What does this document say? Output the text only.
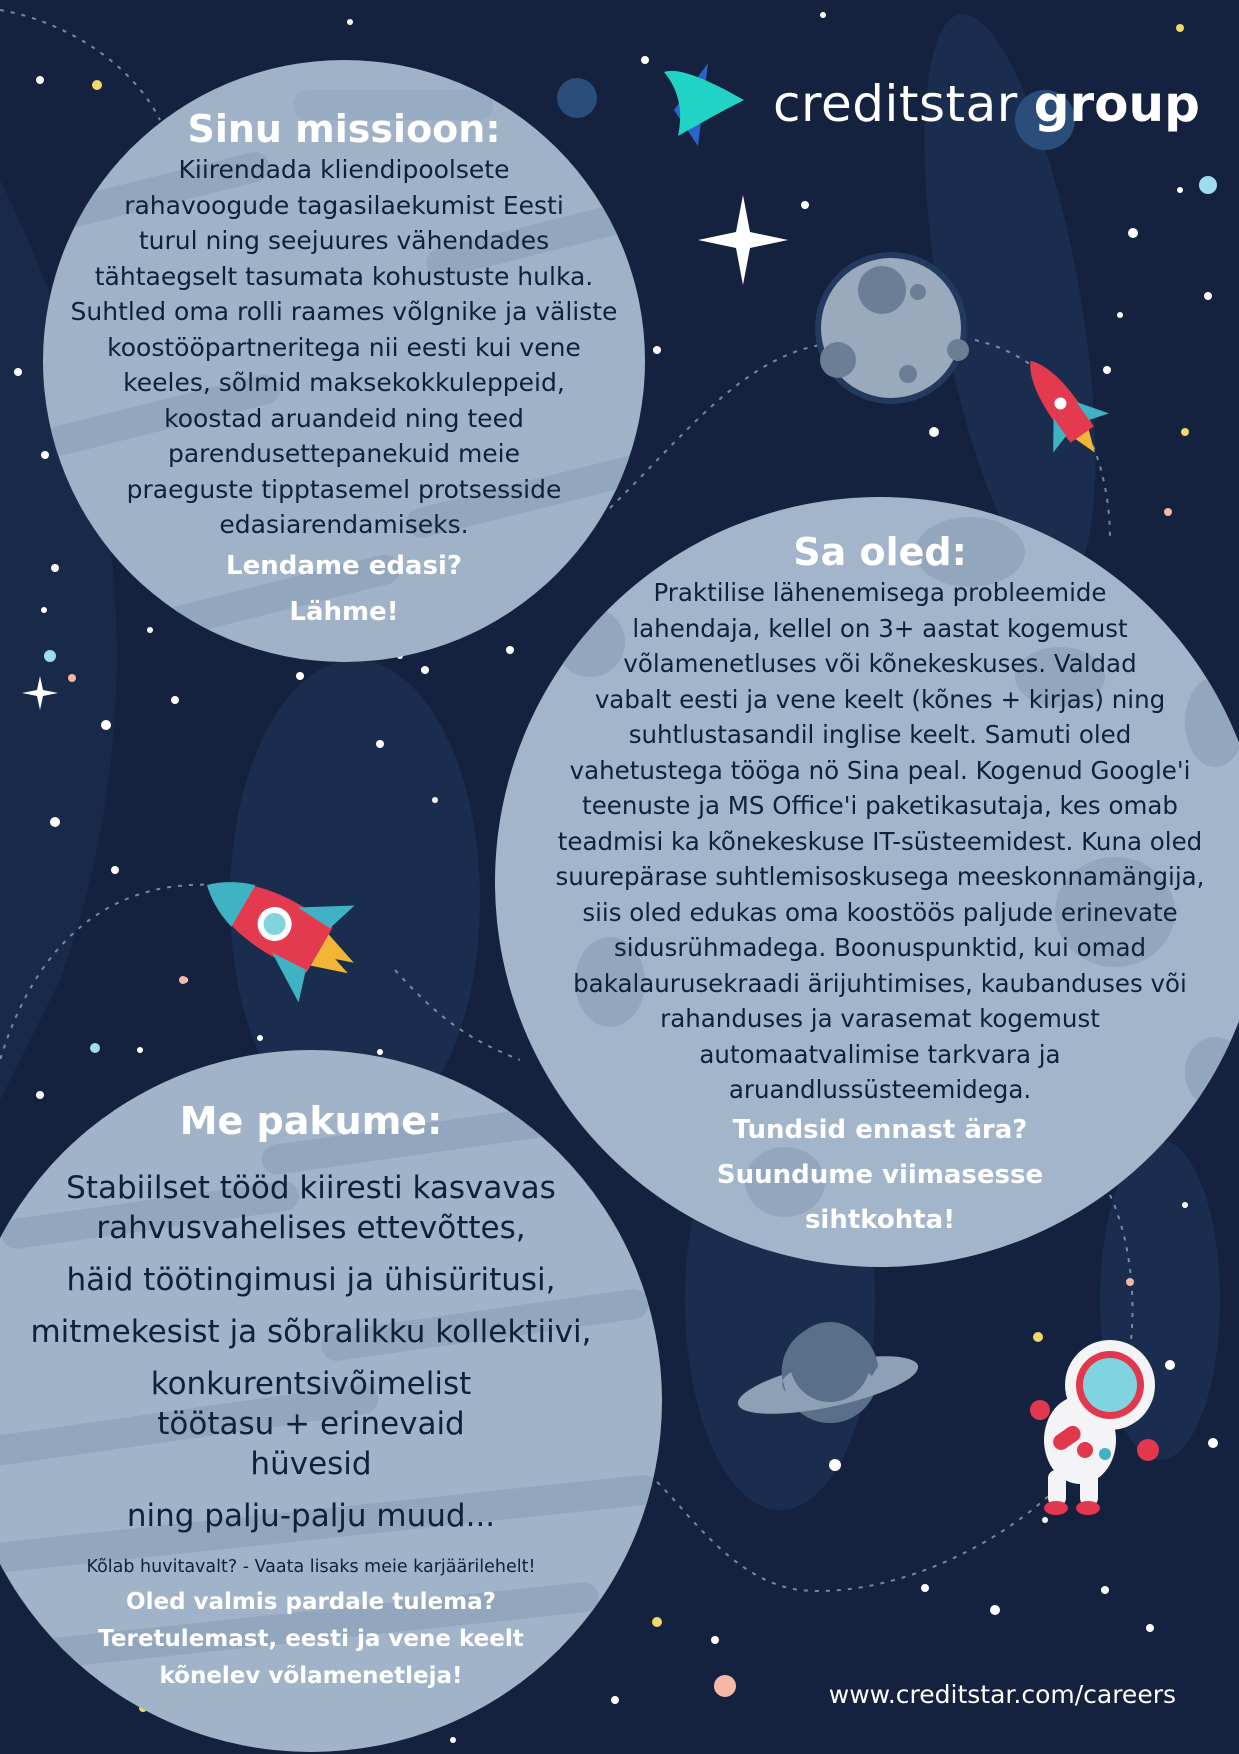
creditstar group
Sinu missioon:
Kiirendada kliendipoolsete
rahavoogude tagasilaekumist Eesti
turul ning seejuures vähendades
tähtaegselt tasumata kohustuste hulka.
Suhtled oma rolli raames võlgnike ja väliste
koostööpartneritega nii eesti kui vene
keeles, sõlmid maksekokkuleppeid,
koostad aruandeid ning teed
parendusettepanekuid meie
praeguste tipptasemel protsesside
edasiarendamiseks.
Lendame edasi?
Lähme!
Sa oled:
Praktilise lähenemisega probleemide
lahendaja, kellel on 3+ aastat kogemust
võlamenetluses või kõnekeskuses. Valdad
vabalt eesti ja vene keelt (kõnes + kirjas) ning
suhtlustasandil inglise keelt. Samuti oled
vahetustega tööga nö Sina peal. Kogenud Google'i
teenuste ja MS Office'i paketikasutaja, kes omab
teadmisi ka kõnekeskuse IT-süsteemidest. Kuna oled
suurepärase suhtlemisoskusega meeskonnamängija,
siis oled edukas oma koostöös paljude erinevate
sidusrühmadega. Boonuspunktid, kui omad
bakalaurusekraadi ärijuhtimises, kaubanduses või
rahanduses ja varasemat kogemust
automaatvalimise tarkvara ja
aruandlussüsteemidega.
Tundsid ennast ära?
Suundume viimasesse
sihtkohta!
Me pakume:

Stabiilset tööd kiiresti kasvavas rahvusvahelises ettevõttes,

häid töötingimusi ja ühisüritusi,

mitmekesist ja sõbralikku kollektiivi,

konkurentsivõimelist töötasu + erinevaid hüvesid

ning palju-palju muud...

Kõlab huvitavalt? - Vaata lisaks meie karjäärilehelt!

Oled valmis pardale tulema?
Teretulemast, eesti ja vene keelt
kõnelev võlamenetleja!
www.creditstar.com/careers
